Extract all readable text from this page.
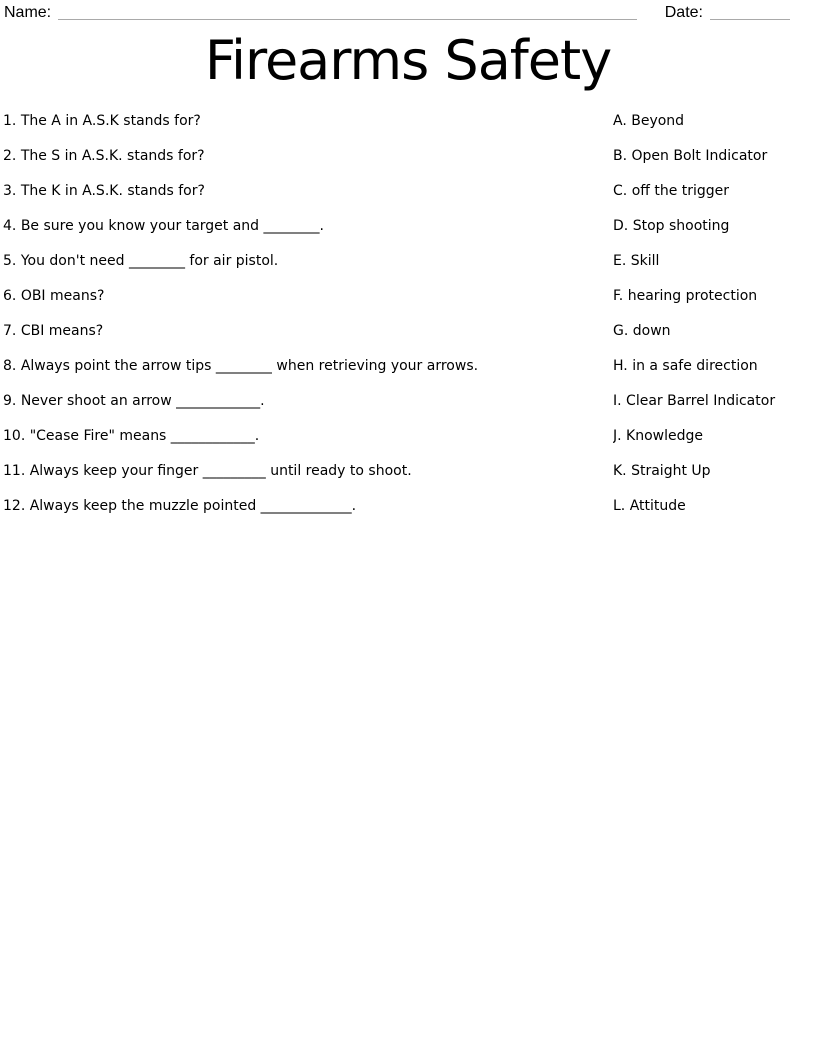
Name:	Date:
Firearms Safety
1. The A in A.S.K stands for?
2. The S in A.S.K. stands for?
3. The K in A.S.K. stands for?
4. Be sure you know your target and ________.
5. You don't need ________ for air pistol.
6. OBI means?
7. CBI means?
8. Always point the arrow tips ________ when retrieving your arrows.
9. Never shoot an arrow ____________.
10. "Cease Fire" means ____________.
11. Always keep your finger _________ until ready to shoot.
12. Always keep the muzzle pointed _____________.
A. Beyond
B. Open Bolt Indicator
C. off the trigger
D. Stop shooting
E. Skill
F. hearing protection
G. down
H. in a safe direction
I. Clear Barrel Indicator
J. Knowledge
K. Straight Up
L. Attitude
